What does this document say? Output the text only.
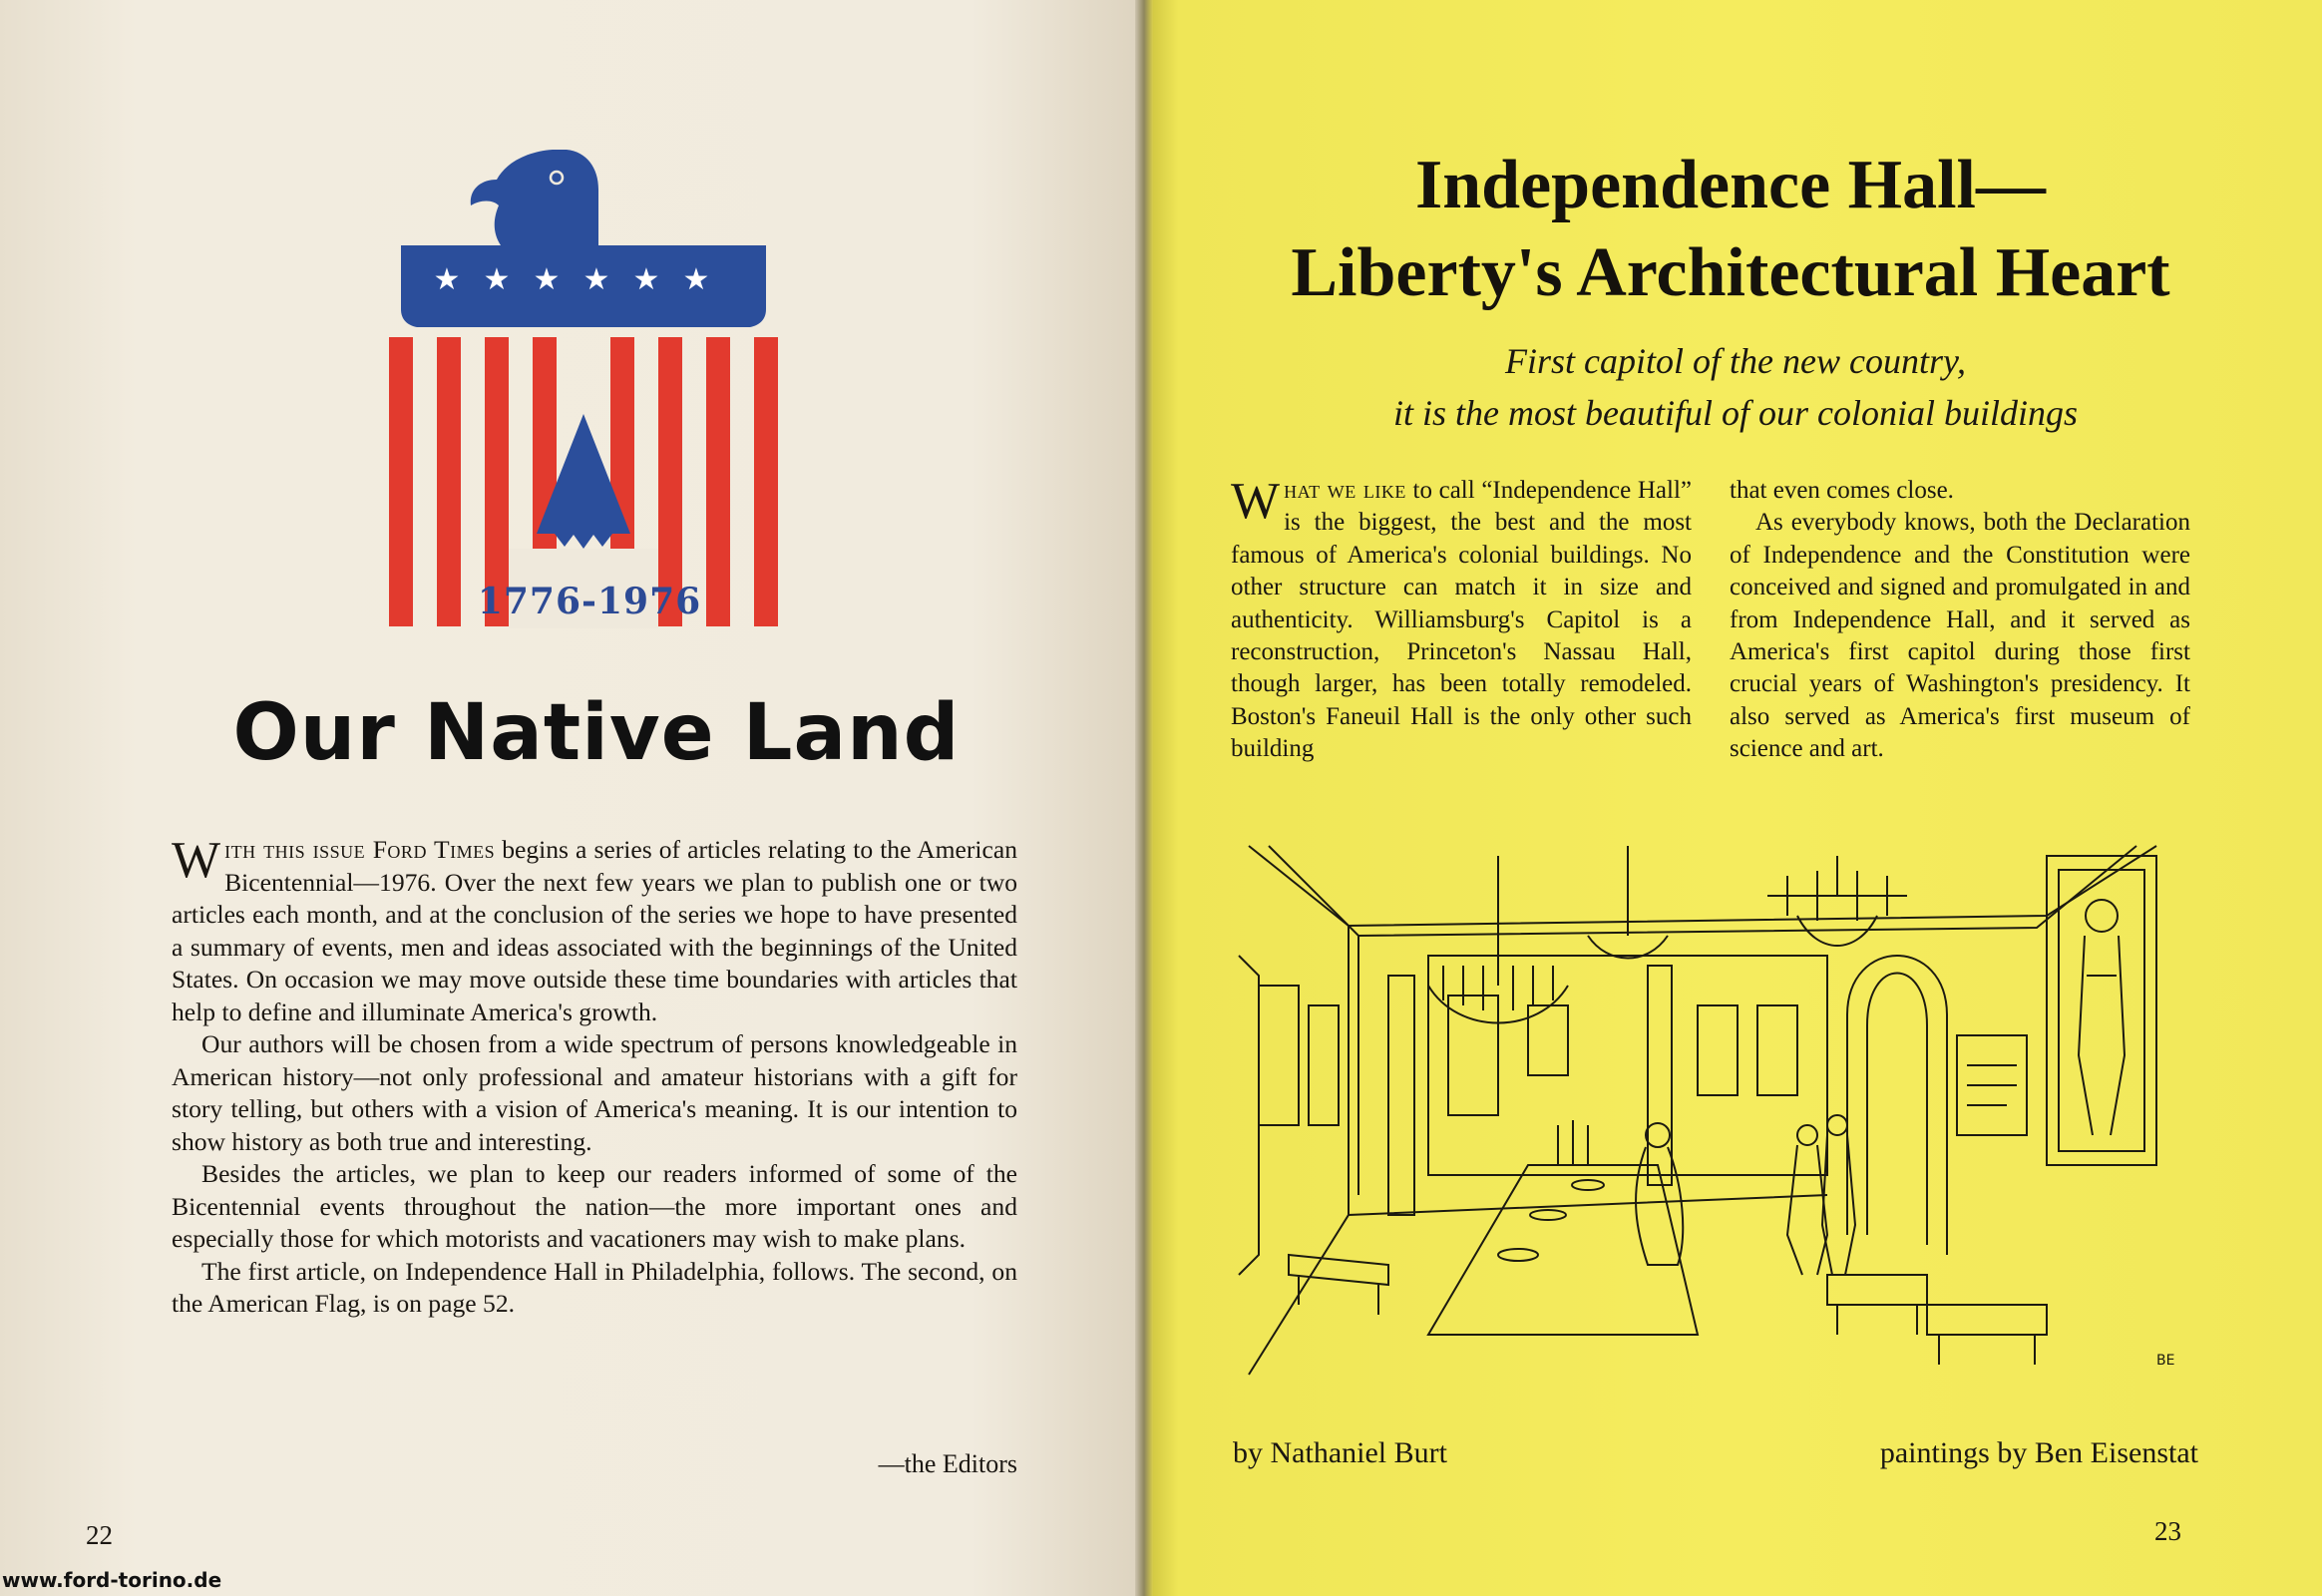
★ ★ ★ ★ ★ ★
1776-1976
Our Native Land

With this issue Ford Times begins a series of articles relating to the American Bicentennial—1976. Over the next few years we plan to publish one or two articles each month, and at the conclusion of the series we hope to have presented a summary of events, men and ideas associated with the beginnings of the United States. On occasion we may move outside these time boundaries with articles that help to define and illuminate America's growth.

Our authors will be chosen from a wide spectrum of persons knowledgeable in American history—not only professional and amateur historians with a gift for story telling, but others with a vision of America's meaning. It is our intention to show history as both true and interesting.

Besides the articles, we plan to keep our readers informed of some of the Bicentennial events throughout the nation—the more important ones and especially those for which motorists and vacationers may wish to make plans.

The first article, on Independence Hall in Philadelphia, follows. The second, on the American Flag, is on page 52.

—the Editors
22
www.ford-torino.de
Independence Hall—
Liberty's Architectural Heart
First capitol of the new country,
it is the most beautiful of our colonial buildings

What we like to call “Independence Hall” is the biggest, the best and the most famous of America's colonial buildings. No other structure can match it in size and authenticity. Williamsburg's Capitol is a reconstruction, Princeton's Nassau Hall, though larger, has been totally remodeled. Boston's Faneuil Hall is the only other such building

that even comes close.

As everybody knows, both the Declaration of Independence and the Constitution were conceived and signed and promulgated in and from Independence Hall, and it served as America's first capitol during those first crucial years of Washington's presidency. It also served as America's first museum of science and art.

BE
by Nathaniel Burt	paintings by Ben Eisenstat
23
